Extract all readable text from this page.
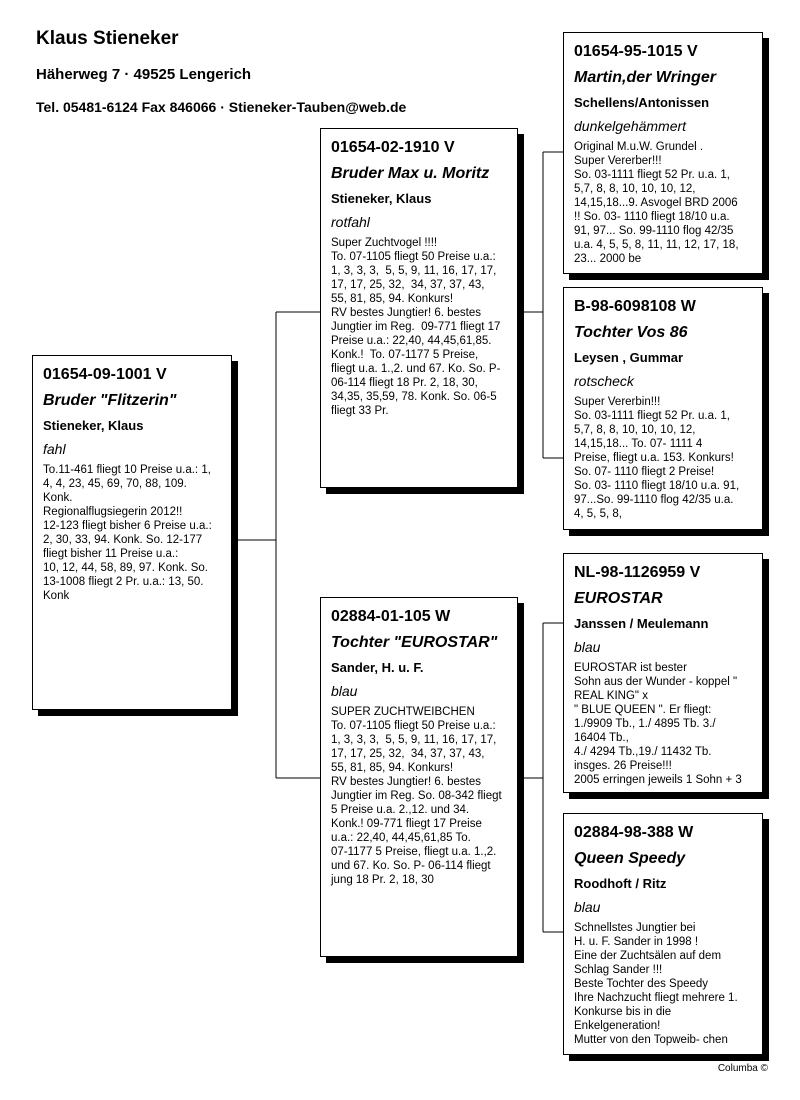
Klaus Stieneker
Häherweg 7 · 49525 Lengerich
Tel. 05481-6124 Fax 846066 · Stieneker-Tauben@web.de
01654-09-1001 V
Bruder "Flitzerin"
Stieneker, Klaus
fahl
To.11-461 fliegt 10 Preise u.a.: 1,
4, 4, 23, 45, 69, 70, 88, 109.
Konk.
Regionalflugsiegerin 2012!!
12-123 fliegt bisher 6 Preise u.a.:
2, 30, 33, 94. Konk. So. 12-177
fliegt bisher 11 Preise u.a.:
10, 12, 44, 58, 89, 97. Konk. So.
13-1008 fliegt 2 Pr. u.a.: 13, 50.
Konk
01654-02-1910 V
Bruder Max u. Moritz
Stieneker, Klaus
rotfahl
Super Zuchtvogel !!!!
To. 07-1105 fliegt 50 Preise u.a.:
1, 3, 3, 3,  5, 5, 9, 11, 16, 17, 17,
17, 17, 25, 32,  34, 37, 37, 43,
55, 81, 85, 94. Konkurs!
RV bestes Jungtier! 6. bestes
Jungtier im Reg.  09-771 fliegt 17
Preise u.a.: 22,40, 44,45,61,85.
Konk.!  To. 07-1177 5 Preise,
fliegt u.a. 1.,2. und 67. Ko. So. P-
06-114 fliegt 18 Pr. 2, 18, 30,
34,35, 35,59, 78. Konk. So. 06-5
fliegt 33 Pr.
02884-01-105 W
Tochter "EUROSTAR"
Sander, H. u. F.
blau
SUPER ZUCHTWEIBCHEN
To. 07-1105 fliegt 50 Preise u.a.:
1, 3, 3, 3,  5, 5, 9, 11, 16, 17, 17,
17, 17, 25, 32,  34, 37, 37, 43,
55, 81, 85, 94. Konkurs!
RV bestes Jungtier! 6. bestes
Jungtier im Reg. So. 08-342 fliegt
5 Preise u.a. 2.,12. und 34.
Konk.! 09-771 fliegt 17 Preise
u.a.: 22,40, 44,45,61,85 To.
07-1177 5 Preise, fliegt u.a. 1.,2.
und 67. Ko. So. P- 06-114 fliegt
jung 18 Pr. 2, 18, 30
01654-95-1015 V
Martin,der Wringer
Schellens/Antonissen
dunkelgehämmert
Original M.u.W. Grundel .
Super Vererber!!!
So. 03-1111 fliegt 52 Pr. u.a. 1,
5,7, 8, 8, 10, 10, 10, 12,
14,15,18...9. Asvogel BRD 2006
!! So. 03- 1110 fliegt 18/10 u.a.
91, 97... So. 99-1110 flog 42/35
u.a. 4, 5, 5, 8, 11, 11, 12, 17, 18,
23... 2000 be
B-98-6098108 W
Tochter Vos 86
Leysen , Gummar
rotscheck
Super Vererbin!!!
So. 03-1111 fliegt 52 Pr. u.a. 1,
5,7, 8, 8, 10, 10, 10, 12,
14,15,18... To. 07- 1111 4
Preise, fliegt u.a. 153. Konkurs!
So. 07- 1110 fliegt 2 Preise!
So. 03- 1110 fliegt 18/10 u.a. 91,
97...So. 99-1110 flog 42/35 u.a.
4, 5, 5, 8,
NL-98-1126959 V
EUROSTAR
Janssen / Meulemann
blau
EUROSTAR ist bester
Sohn aus der Wunder - koppel "
REAL KING" x
" BLUE QUEEN ". Er fliegt:
1./9909 Tb., 1./ 4895 Tb. 3./
16404 Tb.,
4./ 4294 Tb.,19./ 11432 Tb.
insges. 26 Preise!!!
2005 erringen jeweils 1 Sohn + 3
02884-98-388 W
Queen Speedy
Roodhoft / Ritz
blau
Schnellstes Jungtier bei
H. u. F. Sander in 1998 !
Eine der Zuchtsälen auf dem
Schlag Sander !!!
Beste Tochter des Speedy
Ihre Nachzucht fliegt mehrere 1.
Konkurse bis in die
Enkelgeneration!
Mutter von den Topweib- chen
Columba ©
